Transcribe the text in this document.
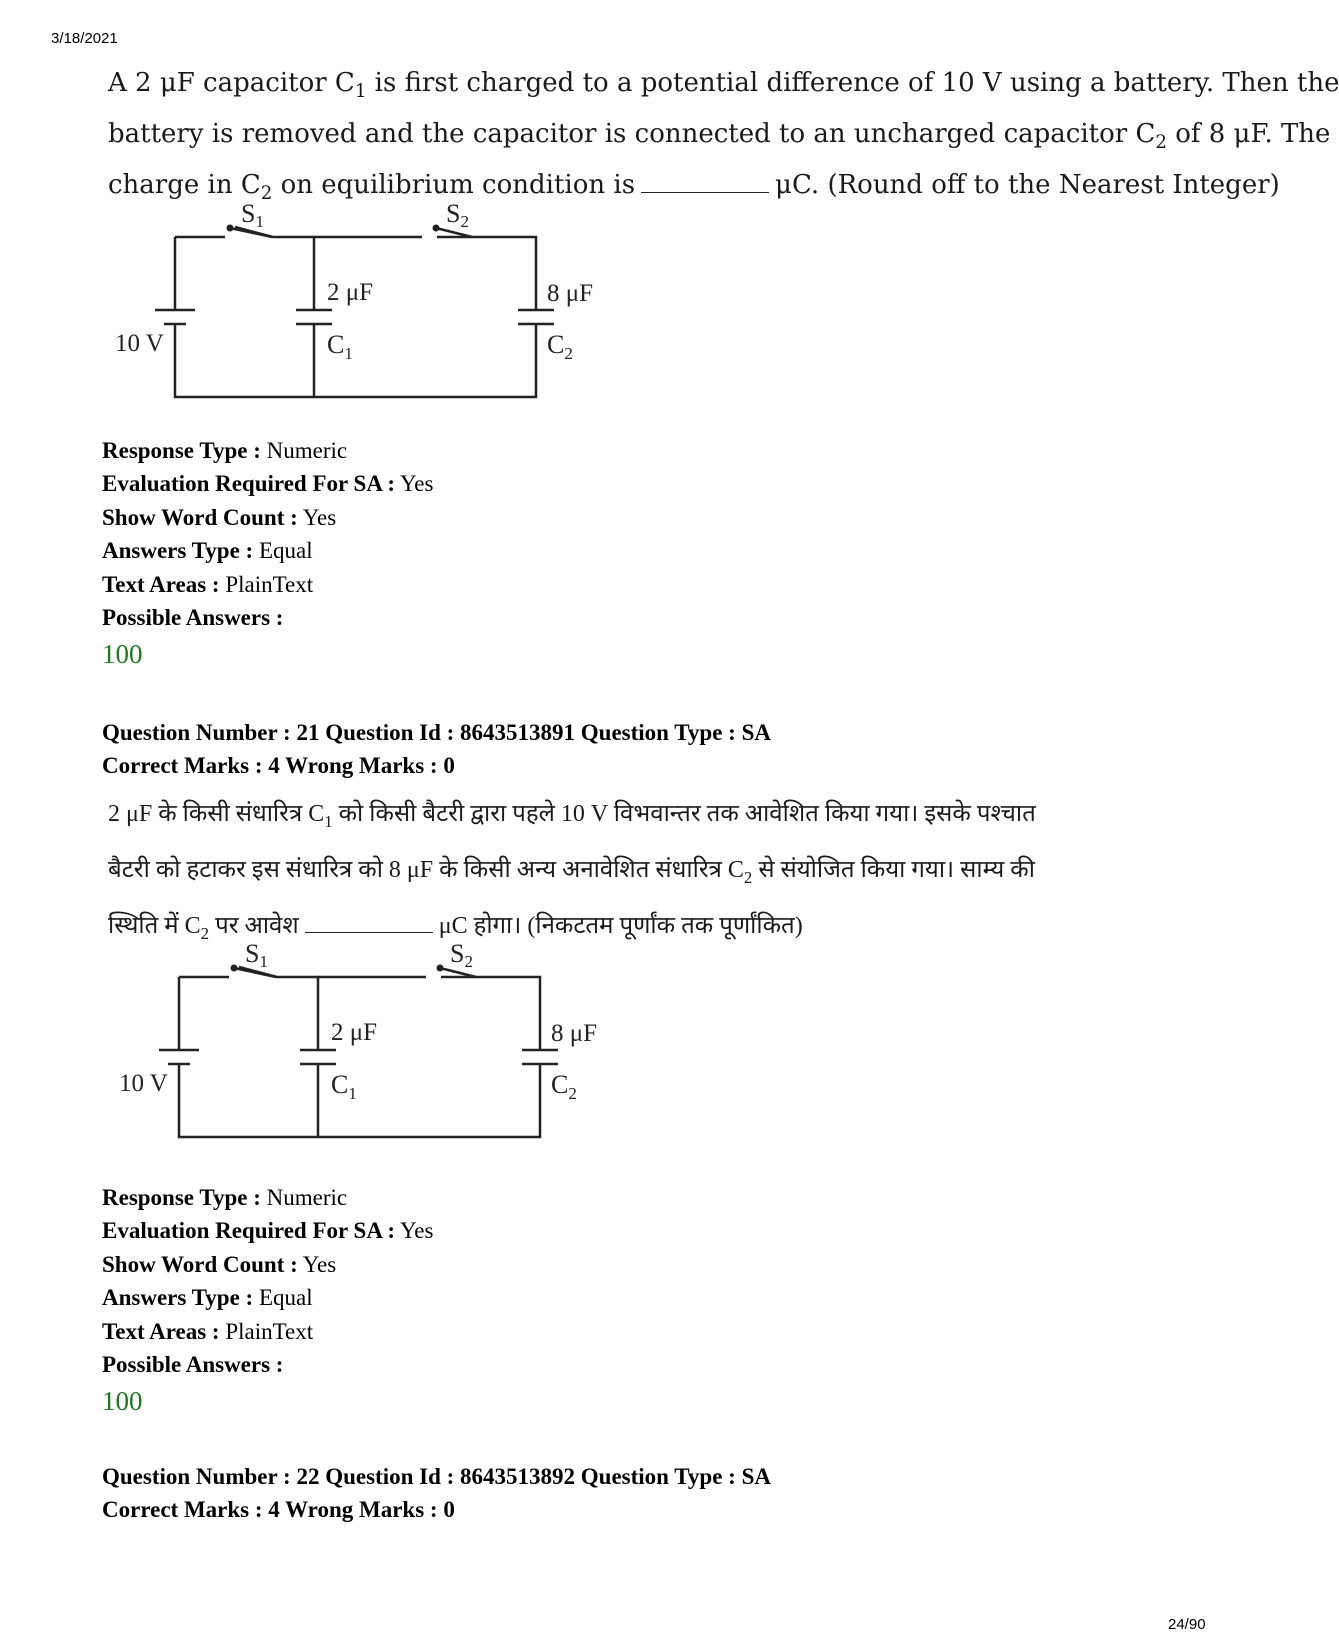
3/18/2021

A 2 μF capacitor $C_1$ is first charged to a potential difference of 10 V using a battery. Then the

battery is removed and the capacitor is connected to an uncharged capacitor $C_2$ of 8 μF. The

charge in $C_2$ on equilibrium condition is	μC. (Round off to the Nearest Integer)

S1	S2
2 μF	8 μF
10 V	$C_1$	$C_2$
Response Type : Numeric
Evaluation Required For SA : Yes
Show Word Count : Yes
Answers Type : Equal
Text Areas : PlainText
Possible Answers :
100
Question Number : 21 Question Id : 8643513891 Question Type : SA
Correct Marks : 4 Wrong Marks : 0

2 μF के किसी संधारित्र $C_1$ को किसी बैटरी द्वारा पहले 10 V विभवान्तर तक आवेशित किया गया। इसके पश्चात

बैटरी को हटाकर इस संधारित्र को 8 μF के किसी अन्य अनावेशित संधारित्र $C_2$ से संयोजित किया गया। साम्य की

स्थिति में $C_2$ पर आवेश	μC होगा। (निकटतम पूर्णांक तक पूर्णांकित)

S1	S2
2 μF	8 μF
10 V	$C_1$	$C_2$
Response Type : Numeric
Evaluation Required For SA : Yes
Show Word Count : Yes
Answers Type : Equal
Text Areas : PlainText
Possible Answers :
100
Question Number : 22 Question Id : 8643513892 Question Type : SA
Correct Marks : 4 Wrong Marks : 0
24/90
